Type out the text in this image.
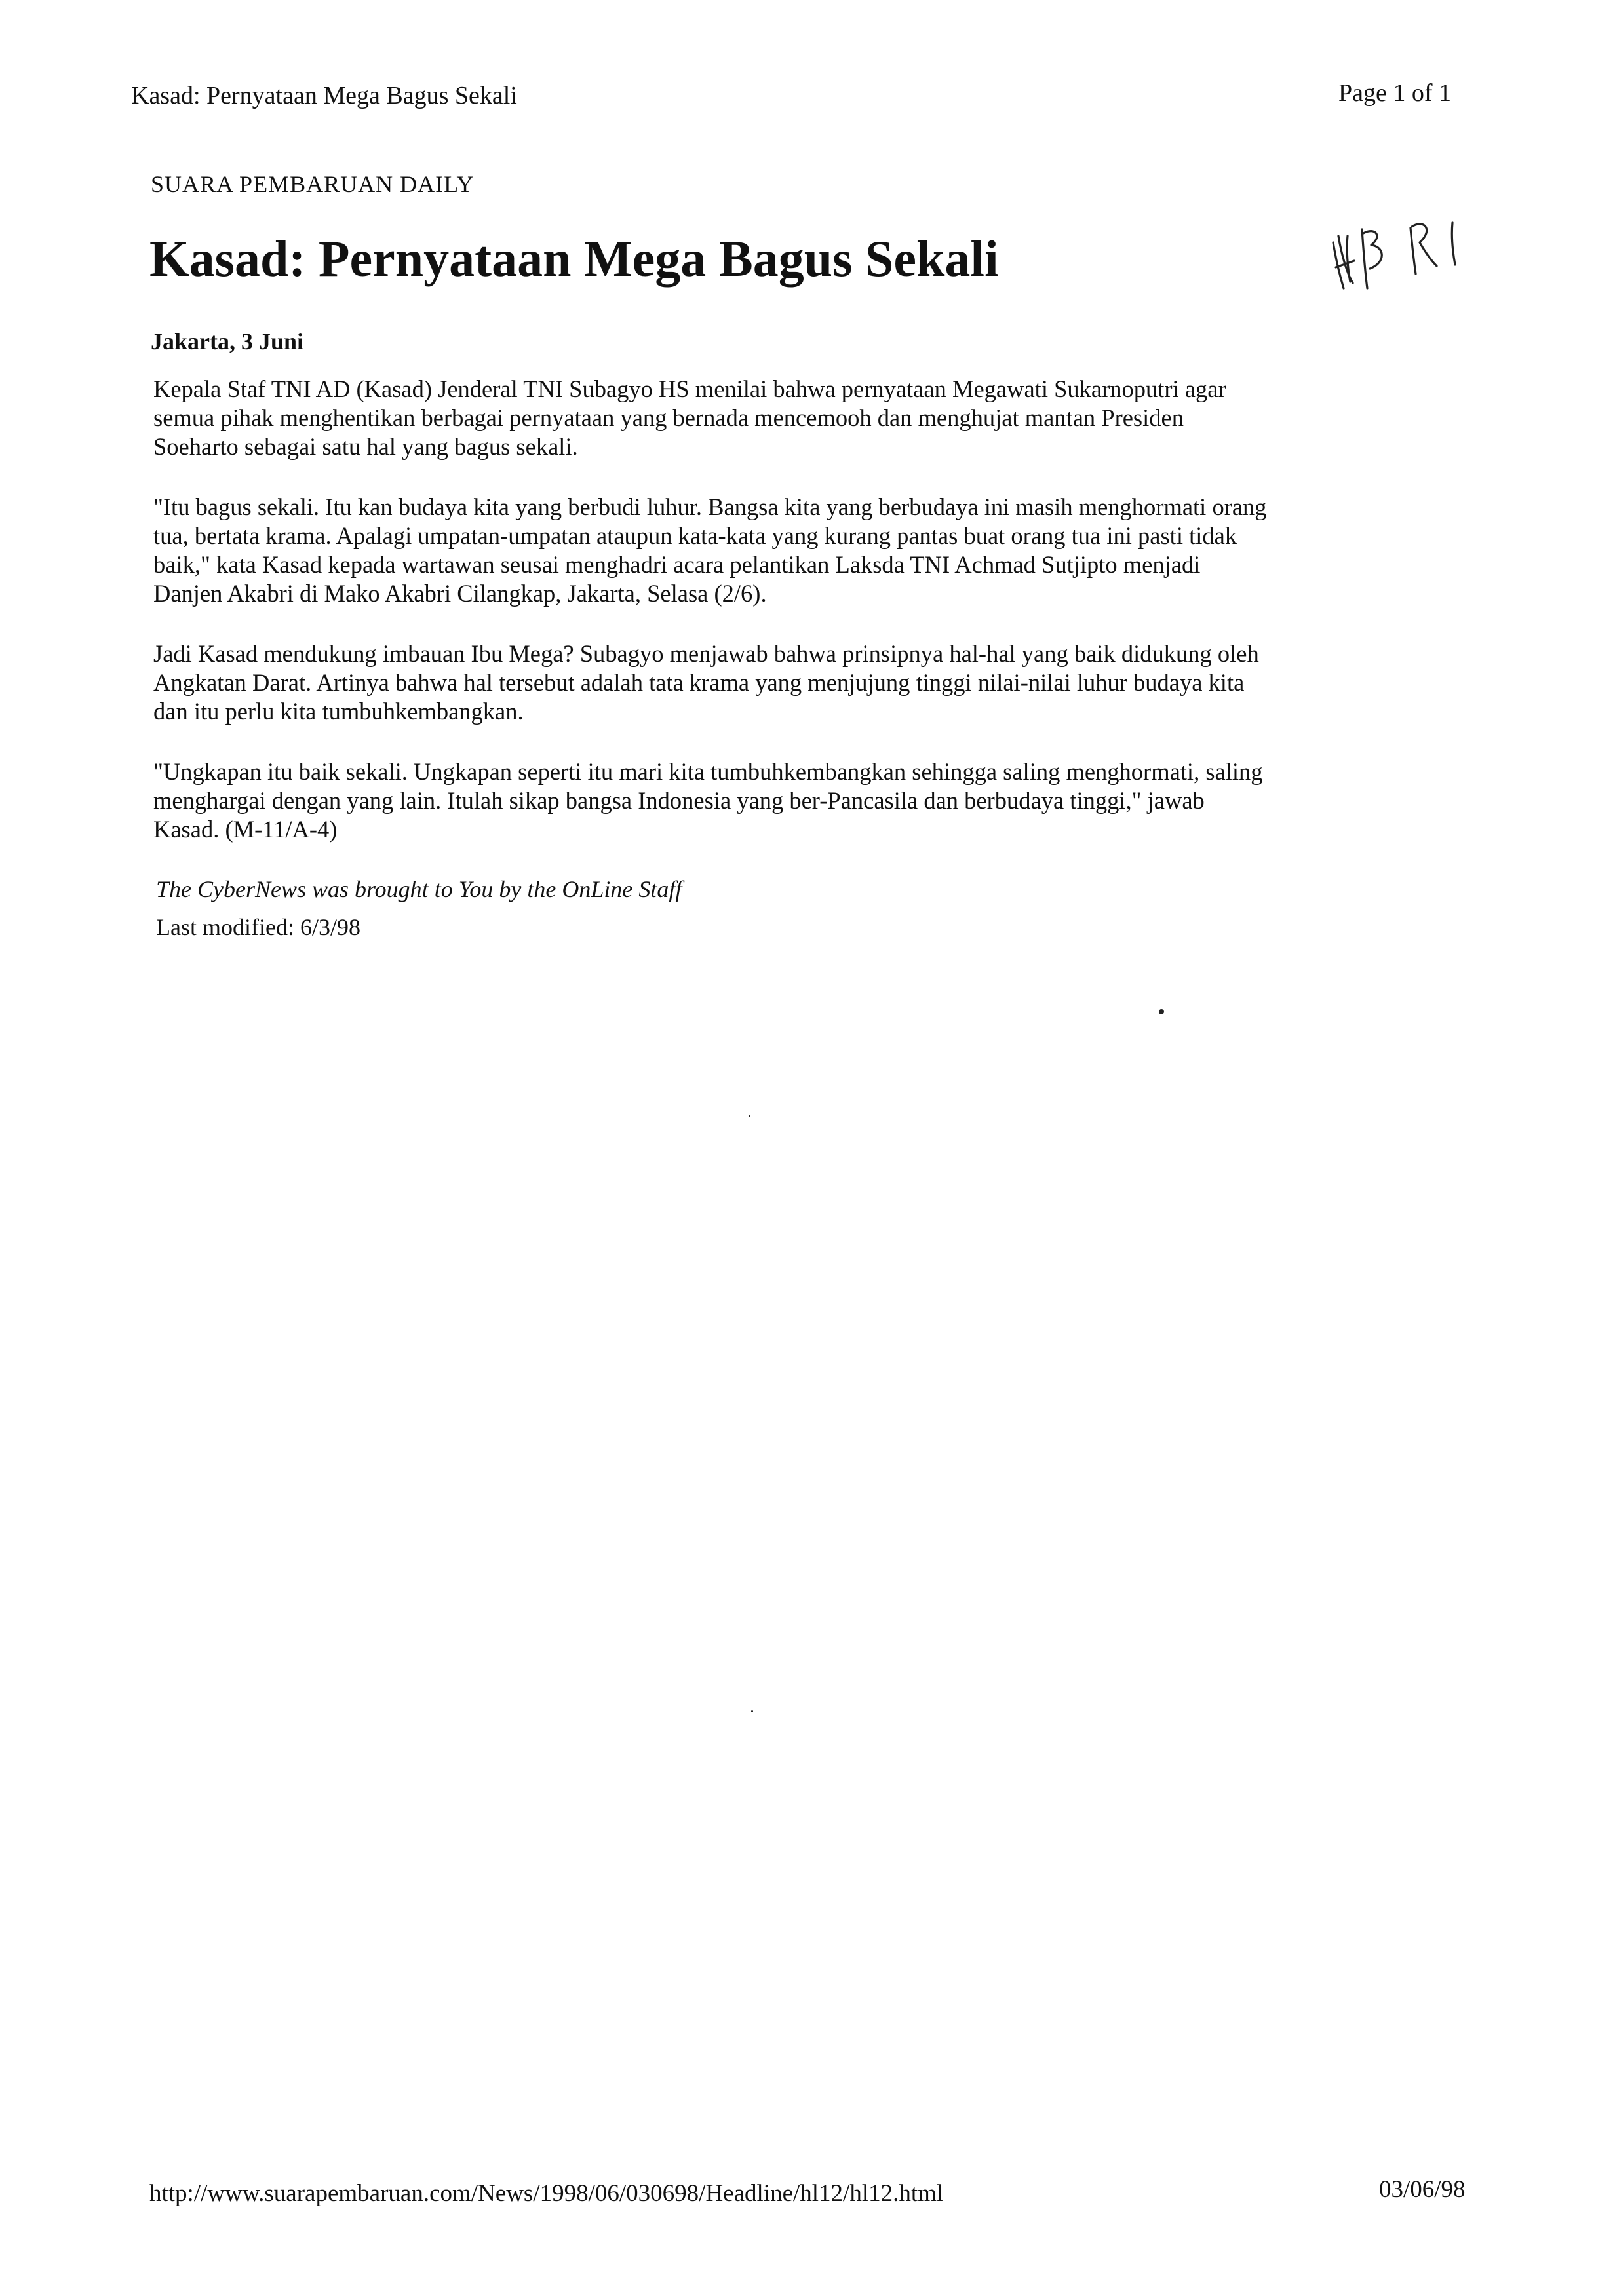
Kasad: Pernyataan Mega Bagus Sekali	Page 1 of 1
SUARA PEMBARUAN DAILY
Kasad: Pernyataan Mega Bagus Sekali
Jakarta, 3 Juni

Kepala Staf TNI AD (Kasad) Jenderal TNI Subagyo HS menilai bahwa pernyataan Megawati Sukarnoputri agar
semua pihak menghentikan berbagai pernyataan yang bernada mencemooh dan menghujat mantan Presiden
Soeharto sebagai satu hal yang bagus sekali.

"Itu bagus sekali. Itu kan budaya kita yang berbudi luhur. Bangsa kita yang berbudaya ini masih menghormati orang
tua, bertata krama. Apalagi umpatan-umpatan ataupun kata-kata yang kurang pantas buat orang tua ini pasti tidak
baik," kata Kasad kepada wartawan seusai menghadri acara pelantikan Laksda TNI Achmad Sutjipto menjadi
Danjen Akabri di Mako Akabri Cilangkap, Jakarta, Selasa (2/6).

Jadi Kasad mendukung imbauan Ibu Mega? Subagyo menjawab bahwa prinsipnya hal-hal yang baik didukung oleh
Angkatan Darat. Artinya bahwa hal tersebut adalah tata krama yang menjujung tinggi nilai-nilai luhur budaya kita
dan itu perlu kita tumbuhkembangkan.

"Ungkapan itu baik sekali. Ungkapan seperti itu mari kita tumbuhkembangkan sehingga saling menghormati, saling
menghargai dengan yang lain. Itulah sikap bangsa Indonesia yang ber-Pancasila dan berbudaya tinggi," jawab
Kasad. (M-11/A-4)

The CyberNews was brought to You by the OnLine Staff
Last modified: 6/3/98
http://www.suarapembaruan.com/News/1998/06/030698/Headline/hl12/hl12.html	03/06/98
